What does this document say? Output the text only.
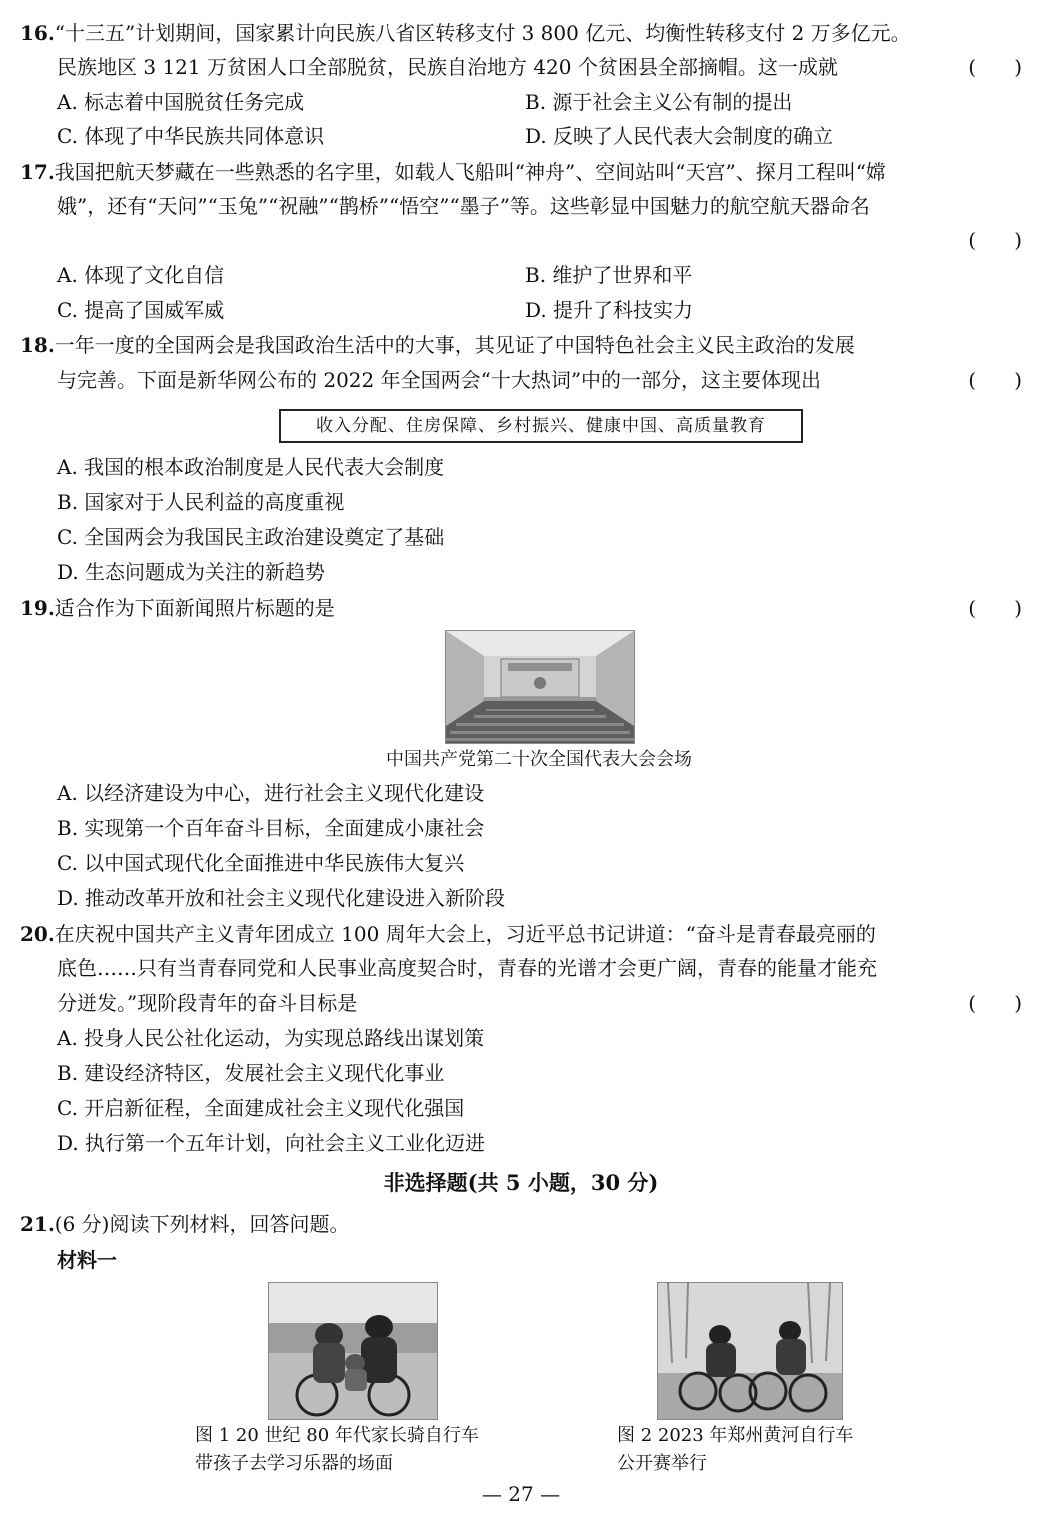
16.“十三五”计划期间，国家累计向民族八省区转移支付 3 800 亿元、均衡性转移支付 2 万多亿元。
民族地区 3 121 万贫困人口全部脱贫，民族自治地方 420 个贫困县全部摘帽。这一成就	(      )
A. 标志着中国脱贫任务完成	B. 源于社会主义公有制的提出
C. 体现了中华民族共同体意识	D. 反映了人民代表大会制度的确立
17.我国把航天梦藏在一些熟悉的名字里，如载人飞船叫“神舟”、空间站叫“天宫”、探月工程叫“嫦
娥”，还有“天问”“玉兔”“祝融”“鹊桥”“悟空”“墨子”等。这些彰显中国魅力的航空航天器命名
(      )
A. 体现了文化自信	B. 维护了世界和平
C. 提高了国威军威	D. 提升了科技实力
18.一年一度的全国两会是我国政治生活中的大事，其见证了中国特色社会主义民主政治的发展
与完善。下面是新华网公布的 2022 年全国两会“十大热词”中的一部分，这主要体现出	(      )
收入分配、住房保障、乡村振兴、健康中国、高质量教育
A. 我国的根本政治制度是人民代表大会制度
B. 国家对于人民利益的高度重视
C. 全国两会为我国民主政治建设奠定了基础
D. 生态问题成为关注的新趋势
19.适合作为下面新闻照片标题的是	(      )
中国共产党第二十次全国代表大会会场
A. 以经济建设为中心，进行社会主义现代化建设
B. 实现第一个百年奋斗目标，全面建成小康社会
C. 以中国式现代化全面推进中华民族伟大复兴
D. 推动改革开放和社会主义现代化建设进入新阶段
20.在庆祝中国共产主义青年团成立 100 周年大会上，习近平总书记讲道：“奋斗是青春最亮丽的
底色……只有当青春同党和人民事业高度契合时，青春的光谱才会更广阔，青春的能量才能充
分迸发。”现阶段青年的奋斗目标是	(      )
A. 投身人民公社化运动，为实现总路线出谋划策
B. 建设经济特区，发展社会主义现代化事业
C. 开启新征程，全面建成社会主义现代化强国
D. 执行第一个五年计划，向社会主义工业化迈进
非选择题(共 5 小题，30 分)
21.(6 分)阅读下列材料，回答问题。
材料一
图 1 20 世纪 80 年代家长骑自行车
带孩子去学习乐器的场面
图 2 2023 年郑州黄河自行车
公开赛举行
— 27 —
